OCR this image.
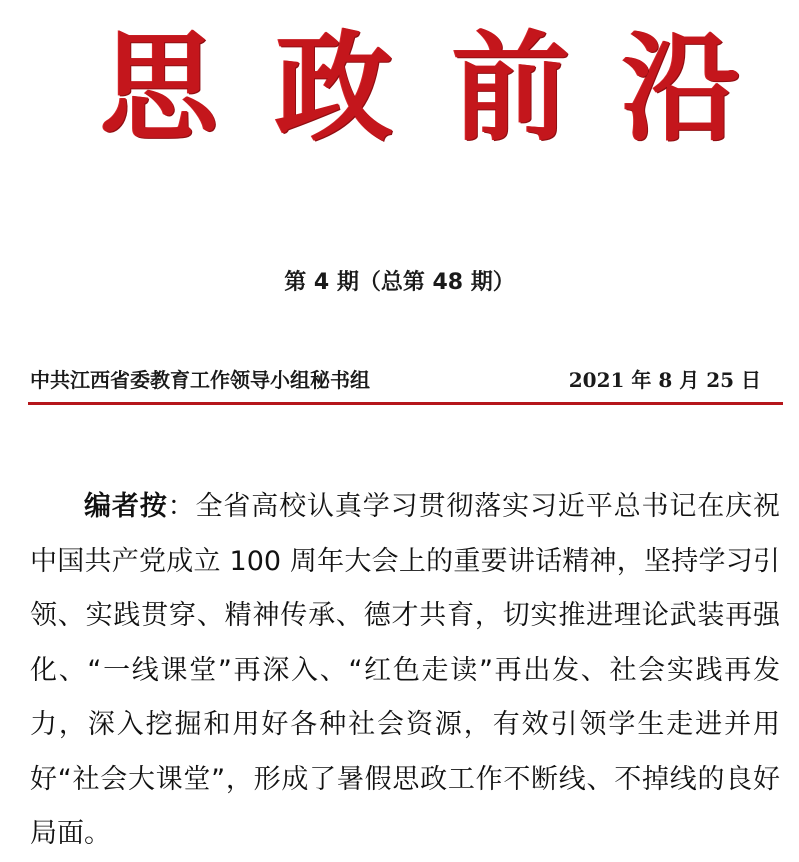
思 政 前 沿
第 4 期（总第 48 期）
中共江西省委教育工作领导小组秘书组	2021 年 8 月 25 日
编者按：全省高校认真学习贯彻落实习近平总书记在庆祝中国共产党成立 100 周年大会上的重要讲话精神，坚持学习引领、实践贯穿、精神传承、德才共育，切实推进理论武装再强化、“一线课堂”再深入、“红色走读”再出发、社会实践再发力，深入挖掘和用好各种社会资源，有效引领学生走进并用好“社会大课堂”，形成了暑假思政工作不断线、不掉线的良好局面。
